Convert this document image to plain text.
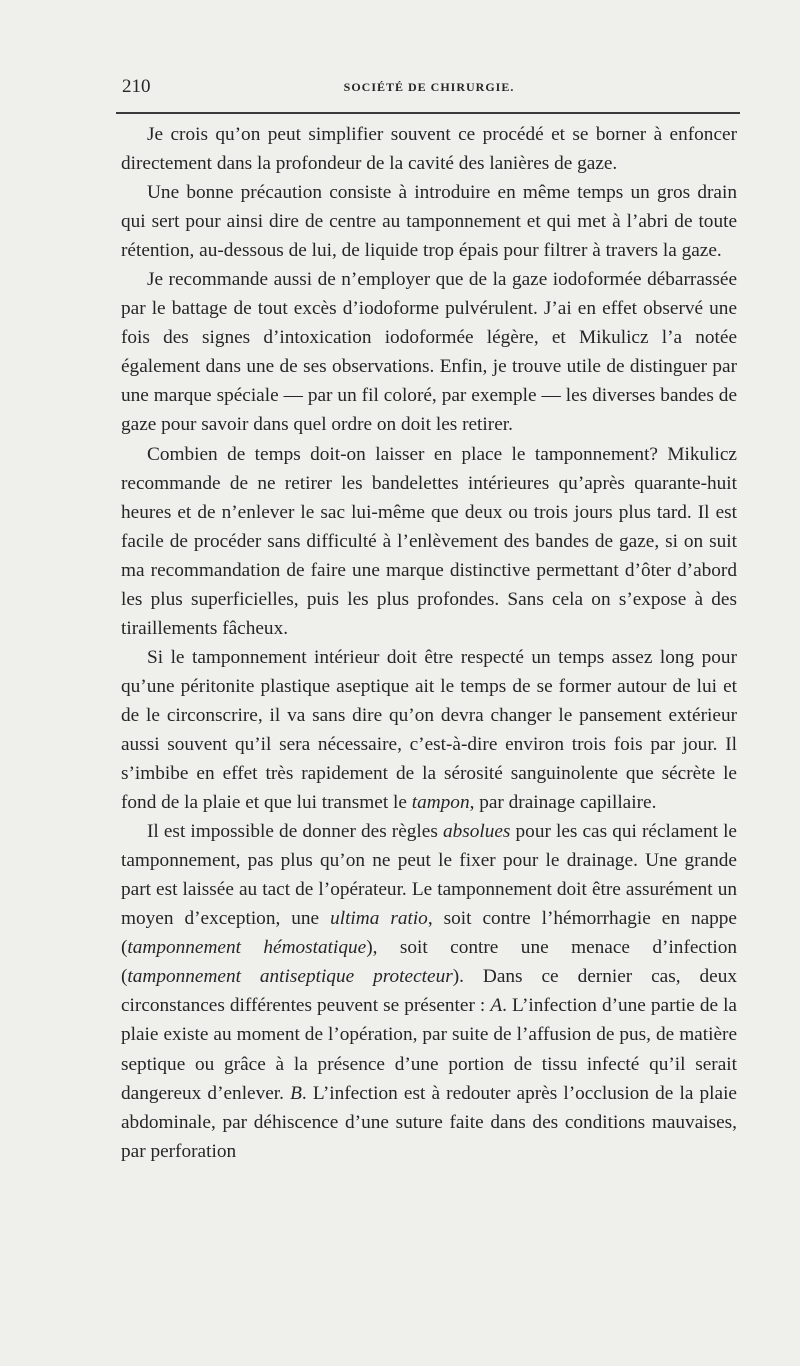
210	SOCIÉTÉ DE CHIRURGIE.

Je crois qu’on peut simplifier souvent ce procédé et se borner à enfoncer directement dans la profondeur de la cavité des lanières de gaze.

Une bonne précaution consiste à introduire en même temps un gros drain qui sert pour ainsi dire de centre au tamponnement et qui met à l’abri de toute rétention, au-dessous de lui, de liquide trop épais pour filtrer à travers la gaze.

Je recommande aussi de n’employer que de la gaze iodoformée débarrassée par le battage de tout excès d’iodoforme pulvérulent. J’ai en effet observé une fois des signes d’intoxication iodoformée légère, et Mikulicz l’a notée également dans une de ses observations. Enfin, je trouve utile de distinguer par une marque spéciale — par un fil coloré, par exemple — les diverses bandes de gaze pour savoir dans quel ordre on doit les retirer.

Combien de temps doit-on laisser en place le tamponnement? Mikulicz recommande de ne retirer les bandelettes intérieures qu’après quarante-huit heures et de n’enlever le sac lui-même que deux ou trois jours plus tard. Il est facile de procéder sans difficulté à l’enlèvement des bandes de gaze, si on suit ma recommandation de faire une marque distinctive permettant d’ôter d’abord les plus superficielles, puis les plus profondes. Sans cela on s’expose à des tiraillements fâcheux.

Si le tamponnement intérieur doit être respecté un temps assez long pour qu’une péritonite plastique aseptique ait le temps de se former autour de lui et de le circonscrire, il va sans dire qu’on devra changer le pansement extérieur aussi souvent qu’il sera nécessaire, c’est-à-dire environ trois fois par jour. Il s’imbibe en effet très rapidement de la sérosité sanguinolente que sécrète le fond de la plaie et que lui transmet le tampon, par drainage capillaire.

Il est impossible de donner des règles absolues pour les cas qui réclament le tamponnement, pas plus qu’on ne peut le fixer pour le drainage. Une grande part est laissée au tact de l’opérateur. Le tamponnement doit être assurément un moyen d’exception, une ultima ratio, soit contre l’hémorrhagie en nappe (tamponnement hémostatique), soit contre une menace d’infection (tamponnement antiseptique protecteur). Dans ce dernier cas, deux circonstances différentes peuvent se présenter : A. L’infection d’une partie de la plaie existe au moment de l’opération, par suite de l’affusion de pus, de matière septique ou grâce à la présence d’une portion de tissu infecté qu’il serait dangereux d’enlever. B. L’infection est à redouter après l’occlusion de la plaie abdominale, par déhiscence d’une suture faite dans des conditions mauvaises, par perforation
